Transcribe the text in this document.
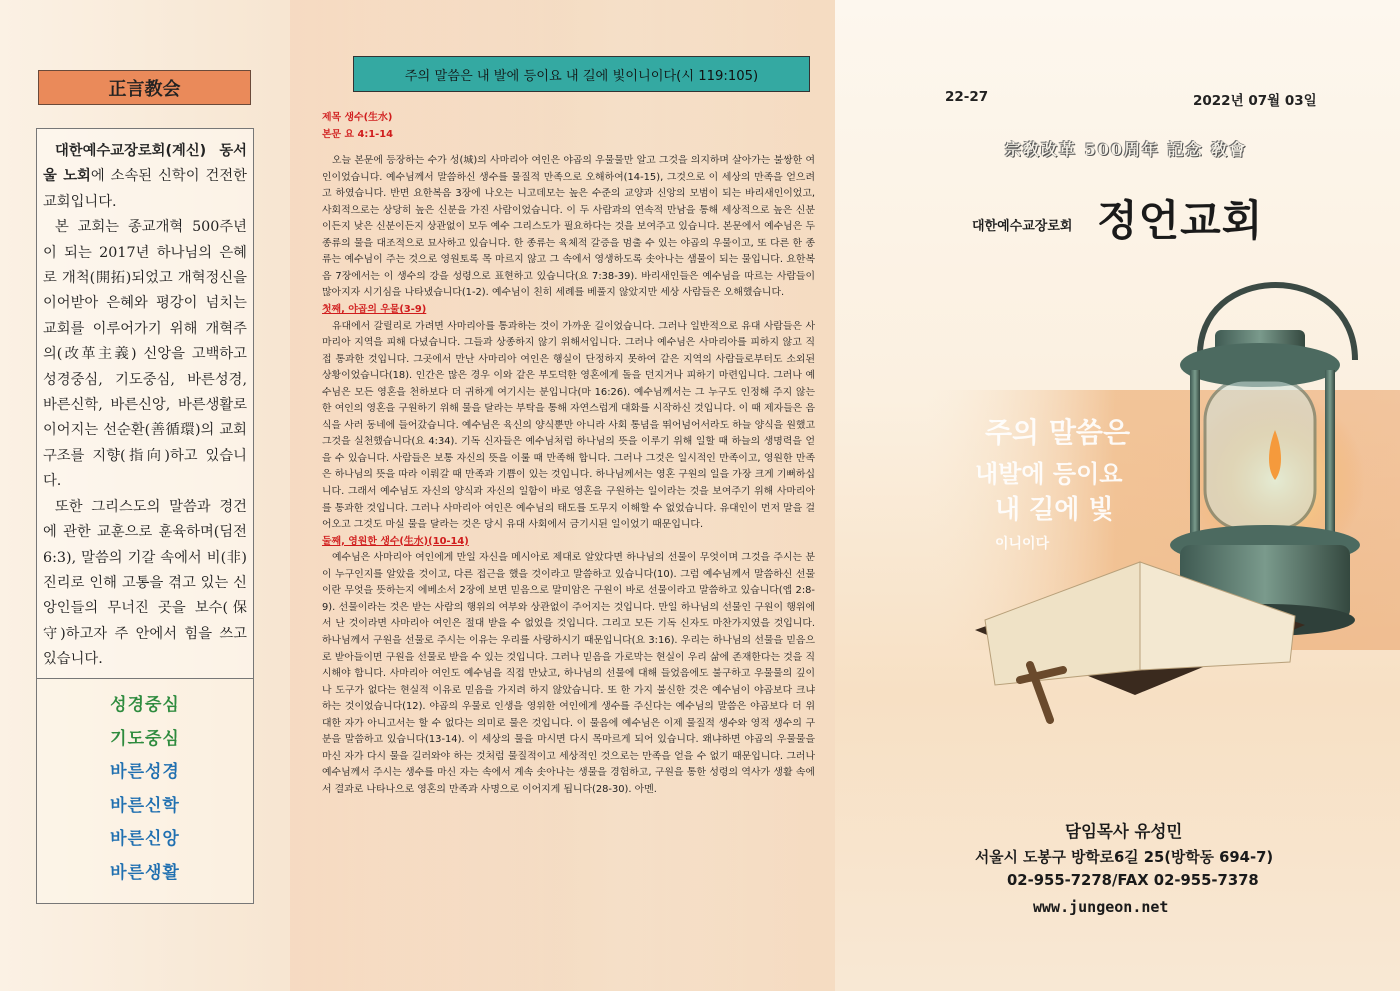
正言教会

대한예수교장로회(계신) 동서울 노회에 소속된 신학이 건전한 교회입니다.

본 교회는 종교개혁 500주년이 되는 2017년 하나님의 은혜로 개척(開拓)되었고 개혁정신을 이어받아 은혜와 평강이 넘치는 교회를 이루어가기 위해 개혁주의(改革主義) 신앙을 고백하고 성경중심, 기도중심, 바른성경, 바른신학, 바른신앙, 바른생활로 이어지는 선순환(善循環)의 교회 구조를 지향(指向)하고 있습니다.

또한 그리스도의 말씀과 경건에 관한 교훈으로 훈육하며(딤전 6:3), 말씀의 기갈 속에서 비(非) 진리로 인해 고통을 겪고 있는 신앙인들의 무너진 곳을 보수(保守)하고자 주 안에서 힘을 쓰고 있습니다.

성경중심
기도중심
바른성경
바른신학
바른신앙
바른생활
주의 말씀은 내 발에 등이요 내 길에 빛이니이다(시 119:105)
제목 생수(生水)
본문 요 4:1-14

오늘 본문에 등장하는 수가 성(城)의 사마리아 여인은 야곱의 우물물만 알고 그것을 의지하며 살아가는 불쌍한 여인이었습니다. 예수님께서 말씀하신 생수를 물질적 만족으로 오해하여(14-15), 그것으로 이 세상의 만족을 얻으려고 하였습니다. 반면 요한복음 3장에 나오는 니고데모는 높은 수준의 교양과 신앙의 모범이 되는 바리새인이었고, 사회적으로는 상당히 높은 신분을 가진 사람이었습니다. 이 두 사람과의 연속적 만남을 통해 세상적으로 높은 신분이든지 낮은 신분이든지 상관없이 모두 예수 그리스도가 필요하다는 것을 보여주고 있습니다. 본문에서 예수님은 두 종류의 물을 대조적으로 묘사하고 있습니다. 한 종류는 육체적 갈증을 멈출 수 있는 야곱의 우물이고, 또 다른 한 종류는 예수님이 주는 것으로 영원토록 목 마르지 않고 그 속에서 영생하도록 솟아나는 샘물이 되는 물입니다. 요한복음 7장에서는 이 생수의 강을 성령으로 표현하고 있습니다(요 7:38-39). 바리새인들은 예수님을 따르는 사람들이 많아지자 시기심을 나타냈습니다(1-2). 예수님이 친히 세례를 베풀지 않았지만 세상 사람들은 오해했습니다.

첫째, 야곱의 우물(3-9)

유대에서 갈릴리로 가려면 사마리아를 통과하는 것이 가까운 길이었습니다. 그러나 일반적으로 유대 사람들은 사마리아 지역을 피해 다녔습니다. 그들과 상종하지 않기 위해서입니다. 그러나 예수님은 사마리아를 피하지 않고 직접 통과한 것입니다. 그곳에서 만난 사마리아 여인은 행실이 단정하지 못하여 같은 지역의 사람들로부터도 소외된 상황이었습니다(18). 인간은 많은 경우 이와 같은 부도덕한 영혼에게 돌을 던지거나 피하기 마련입니다. 그러나 예수님은 모든 영혼을 천하보다 더 귀하게 여기시는 분입니다(마 16:26). 예수님께서는 그 누구도 인정해 주지 않는 한 여인의 영혼을 구원하기 위해 물을 달라는 부탁을 통해 자연스럽게 대화를 시작하신 것입니다. 이 때 제자들은 음식을 사러 동네에 들어갔습니다. 예수님은 육신의 양식뿐만 아니라 사회 통념을 뛰어넘어서라도 하늘 양식을 원했고 그것을 실천했습니다(요 4:34). 기독 신자들은 예수님처럼 하나님의 뜻을 이루기 위해 일할 때 하늘의 생명력을 얻을 수 있습니다. 사람들은 보통 자신의 뜻을 이룰 때 만족해 합니다. 그러나 그것은 일시적인 만족이고, 영원한 만족은 하나님의 뜻을 따라 이뤄갈 때 만족과 기쁨이 있는 것입니다. 하나님께서는 영혼 구원의 일을 가장 크게 기뻐하십니다. 그래서 예수님도 자신의 양식과 자신의 일함이 바로 영혼을 구원하는 일이라는 것을 보여주기 위해 사마리아를 통과한 것입니다. 그러나 사마리아 여인은 예수님의 태도를 도무지 이해할 수 없었습니다. 유대인이 먼저 말을 걸어오고 그것도 마실 물을 달라는 것은 당시 유대 사회에서 금기시된 일이었기 때문입니다.

둘째, 영원한 생수(生水)(10-14)

예수님은 사마리아 여인에게 만일 자신을 메시아로 제대로 알았다면 하나님의 선물이 무엇이며 그것을 주시는 분이 누구인지를 알았을 것이고, 다른 접근을 했을 것이라고 말씀하고 있습니다(10). 그럼 예수님께서 말씀하신 선물이란 무엇을 뜻하는지 에베소서 2장에 보면 믿음으로 말미암은 구원이 바로 선물이라고 말씀하고 있습니다(엡 2:8-9). 선물이라는 것은 받는 사람의 행위의 여부와 상관없이 주어지는 것입니다. 만일 하나님의 선물인 구원이 행위에서 난 것이라면 사마리아 여인은 절대 받을 수 없었을 것입니다. 그리고 모든 기독 신자도 마찬가지였을 것입니다. 하나님께서 구원을 선물로 주시는 이유는 우리를 사랑하시기 때문입니다(요 3:16). 우리는 하나님의 선물을 믿음으로 받아들이면 구원을 선물로 받을 수 있는 것입니다. 그러나 믿음을 가로막는 현실이 우리 삶에 존재한다는 것을 직시해야 합니다. 사마리아 여인도 예수님을 직접 만났고, 하나님의 선물에 대해 들었음에도 불구하고 우물물의 깊이나 도구가 없다는 현실적 이유로 믿음을 가지려 하지 않았습니다. 또 한 가지 불신한 것은 예수님이 야곱보다 크냐 하는 것이었습니다(12). 야곱의 우물로 인생을 영위한 여인에게 생수를 주신다는 예수님의 말씀은 야곱보다 더 위대한 자가 아니고서는 할 수 없다는 의미로 물은 것입니다. 이 물음에 예수님은 이제 물질적 생수와 영적 생수의 구분을 말씀하고 있습니다(13-14). 이 세상의 물을 마시면 다시 목마르게 되어 있습니다. 왜냐하면 야곱의 우물물을 마신 자가 다시 물을 길러와야 하는 것처럼 물질적이고 세상적인 것으로는 만족을 얻을 수 없기 때문입니다. 그러나 예수님께서 주시는 생수를 마신 자는 속에서 계속 솟아나는 생물을 경험하고, 구원을 통한 성령의 역사가 생활 속에서 결과로 나타나으로 영혼의 만족과 사명으로 이어지게 됩니다(28-30). 아멘.

22-27	2022년 07월 03일
宗敎改革 500周年 記念 敎會
대한예수교장로회 정언교회
주의 말씀은
내발에 등이요
내 길에 빛
이니이다
담임목사 유성민
서울시 도봉구 방학로6길 25(방학동 694-7)
02-955-7278/FAX 02-955-7378
www.jungeon.net
